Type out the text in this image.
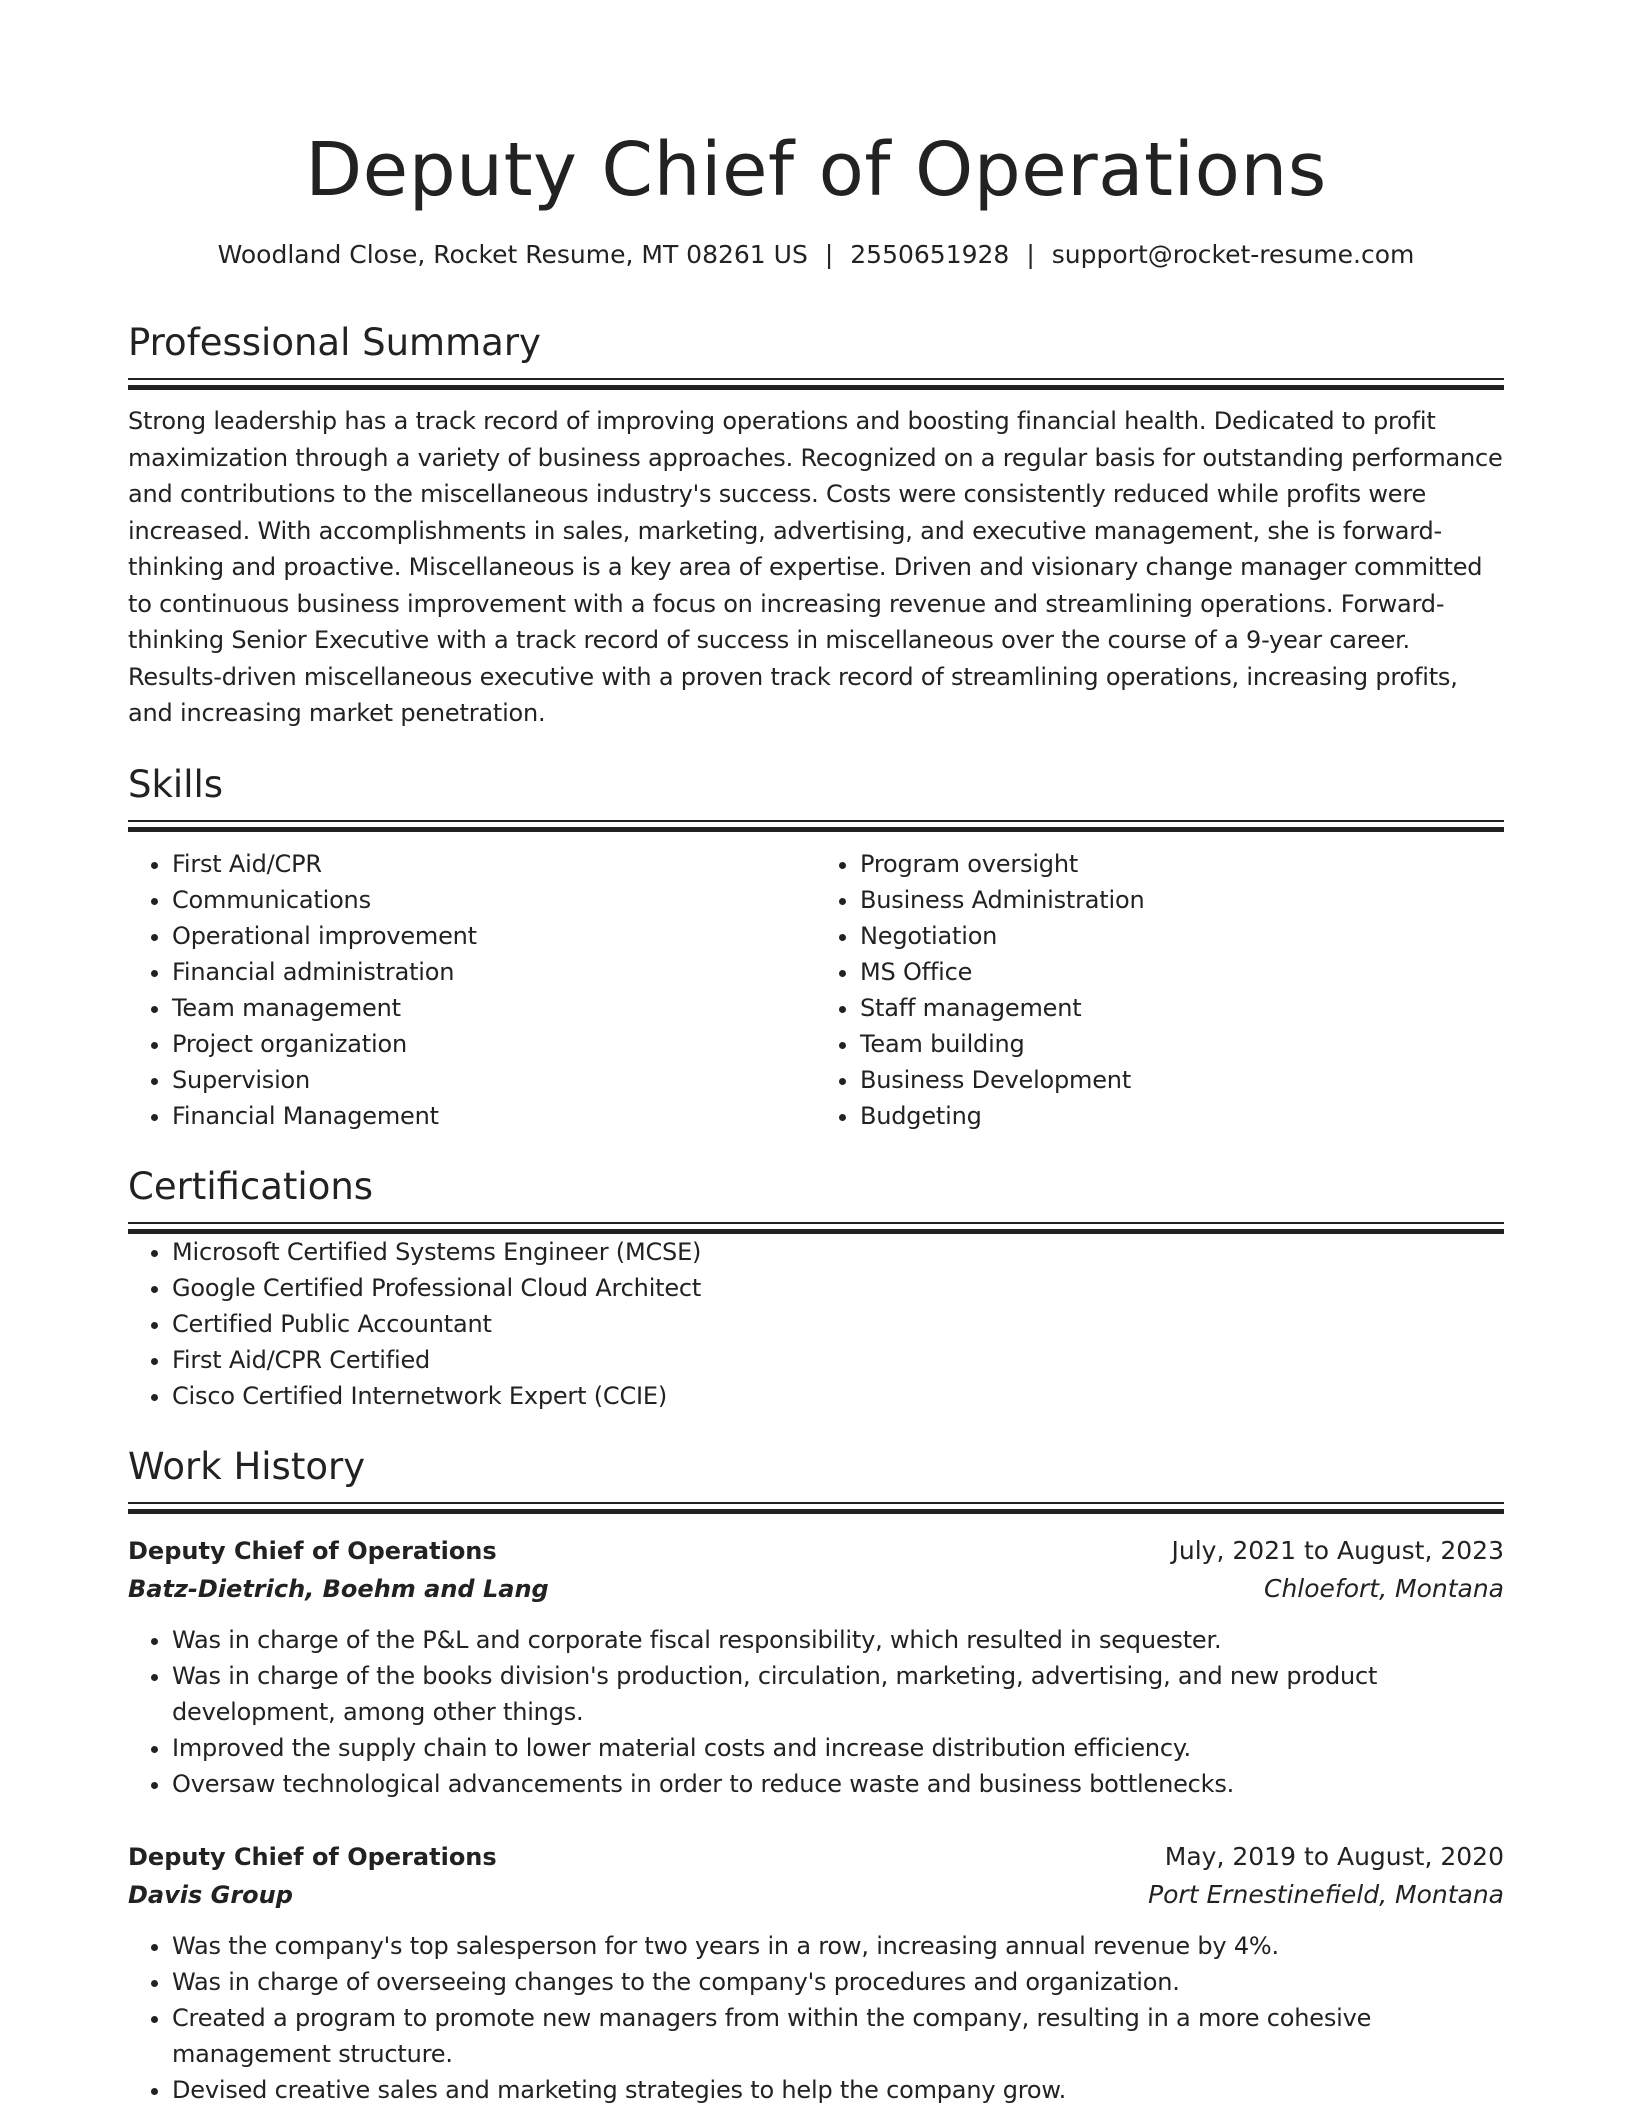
Deputy Chief of Operations
Woodland Close, Rocket Resume, MT 08261 US | 2550651928 | support@rocket-resume.com
Professional Summary

Strong leadership has a track record of improving operations and boosting financial health. Dedicated to profit maximization through a variety of business approaches. Recognized on a regular basis for outstanding performance and contributions to the miscellaneous industry's success. Costs were consistently reduced while profits were increased. With accomplishments in sales, marketing, advertising, and executive management, she is forward-thinking and proactive. Miscellaneous is a key area of expertise. Driven and visionary change manager committed to continuous business improvement with a focus on increasing revenue and streamlining operations. Forward-thinking Senior Executive with a track record of success in miscellaneous over the course of a 9-year career. Results-driven miscellaneous executive with a proven track record of streamlining operations, increasing profits, and increasing market penetration.

Skills
• First Aid/CPR
• Communications
• Operational improvement
• Financial administration
• Team management
• Project organization
• Supervision
• Financial Management
• Program oversight
• Business Administration
• Negotiation
• MS Office
• Staff management
• Team building
• Business Development
• Budgeting
Certifications
• Microsoft Certified Systems Engineer (MCSE)
• Google Certified Professional Cloud Architect
• Certified Public Accountant
• First Aid/CPR Certified
• Cisco Certified Internetwork Expert (CCIE)
Work History
Deputy Chief of Operations	July, 2021 to August, 2023
Batz-Dietrich, Boehm and Lang	Chloefort, Montana
• Was in charge of the P&L and corporate fiscal responsibility, which resulted in sequester.
• Was in charge of the books division's production, circulation, marketing, advertising, and new product development, among other things.
• Improved the supply chain to lower material costs and increase distribution efficiency.
• Oversaw technological advancements in order to reduce waste and business bottlenecks.
Deputy Chief of Operations	May, 2019 to August, 2020
Davis Group	Port Ernestinefield, Montana
• Was the company's top salesperson for two years in a row, increasing annual revenue by 4%.
• Was in charge of overseeing changes to the company's procedures and organization.
• Created a program to promote new managers from within the company, resulting in a more cohesive management structure.
• Devised creative sales and marketing strategies to help the company grow.
